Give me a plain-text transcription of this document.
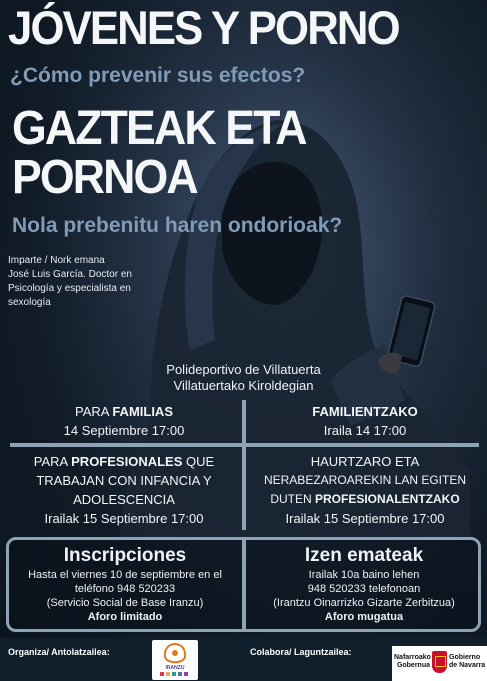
JÓVENES Y PORNO
¿Cómo prevenir sus efectos?
GAZTEAK ETA
PORNOA
Nola prebenitu haren ondorioak?
Imparte / Nork emana
José Luis García. Doctor en
Psicología y especialista en
sexología
Polideportivo de Villatuerta
Villatuertako Kiroldegian
PARA FAMILIAS
14 Septiembre 17:00
FAMILIENTZAKO
Iraila 14 17:00
PARA PROFESIONALES QUE
TRABAJAN CON INFANCIA Y
ADOLESCENCIA
Irailak 15 Septiembre 17:00
HAURTZARO ETA
NERABEZAROAREKIN LAN EGITEN
DUTEN PROFESIONALENTZAKO
Irailak 15 Septiembre 17:00
Inscripciones
Hasta el viernes 10 de septiembre en el
teléfono 948 520233
(Servicio Social de Base Iranzu)
Aforo limitado
Izen emateak
Irailak 10a baino lehen
948 520233 telefonoan
(Irantzu Oinarrizko Gizarte Zerbitzua)
Aforo mugatua
Organiza/ Antolatzailea:
IRANZU
Colabora/ Laguntzailea:
Nafarroako Gobernua
Gobierno de Navarra
